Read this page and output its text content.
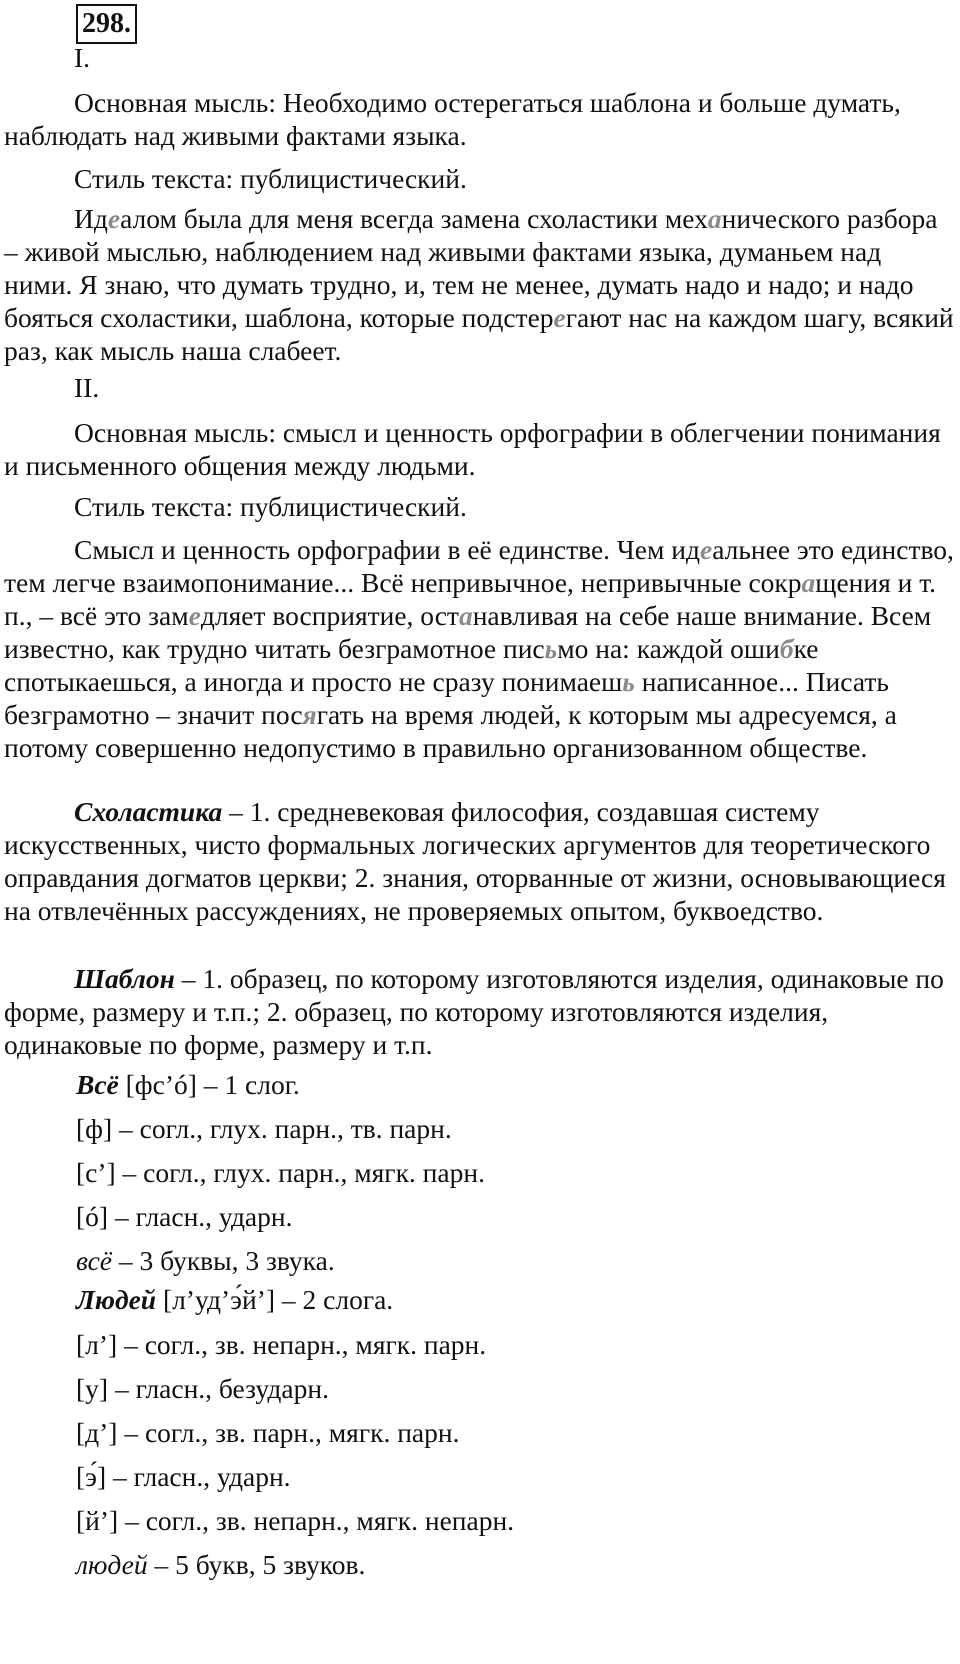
298.
I.

Основная мысль: Необходимо остерегаться шаблона и больше думать, наблюдать над живыми фактами языка.

Стиль текста: публицистический.

Идеалом была для меня всегда замена схоластики механического разбора – живой мыслью, наблюдением над живыми фактами языка, думаньем над ними. Я знаю, что думать трудно, и, тем не менее, думать надо и надо; и надо бояться схоластики, шаблона, которые подстерегают нас на каждом шагу, всякий раз, как мысль наша слабеет.

II.

Основная мысль: смысл и ценность орфографии в облегчении понимания и письменного общения между людьми.

Стиль текста: публицистический.

Смысл и ценность орфографии в её единстве. Чем идеальнее это единство, тем легче взаимопонимание... Всё непривычное, непривычные сокращения и т. п., – всё это замедляет восприятие, останавливая на себе наше внимание. Всем известно, как трудно читать безграмотное письмо на: каждой ошибке спотыкаешься, а иногда и просто не сразу понимаешь написанное... Писать безграмотно – значит посягать на время людей, к которым мы адресуемся, а потому совершенно недопустимо в правильно организованном обществе.

Схоластика – 1. средневековая философия, создавшая систему искусственных, чисто формальных логических аргументов для теоретического оправдания догматов церкви; 2. знания, оторванные от жизни, основывающиеся на отвлечённых рассуждениях, не проверяемых опытом, буквоедство.

Шаблон – 1. образец, по которому изготовляются изделия, одинаковые по форме, размеру и т.п.; 2. образец, по которому изготовляются изделия, одинаковые по форме, размеру и т.п.

Всё [фс’ó] – 1 слог.

[ф] – согл., глух. парн., тв. парн.

[с’] – согл., глух. парн., мягк. парн.

[ó] – гласн., ударн.

всё – 3 буквы, 3 звука.

Людей [л’уд’э́й’] – 2 слога.

[л’] – согл., зв. непарн., мягк. парн.

[у] – гласн., безударн.

[д’] – согл., зв. парн., мягк. парн.

[э́] – гласн., ударн.

[й’] – согл., зв. непарн., мягк. непарн.

людей – 5 букв, 5 звуков.
